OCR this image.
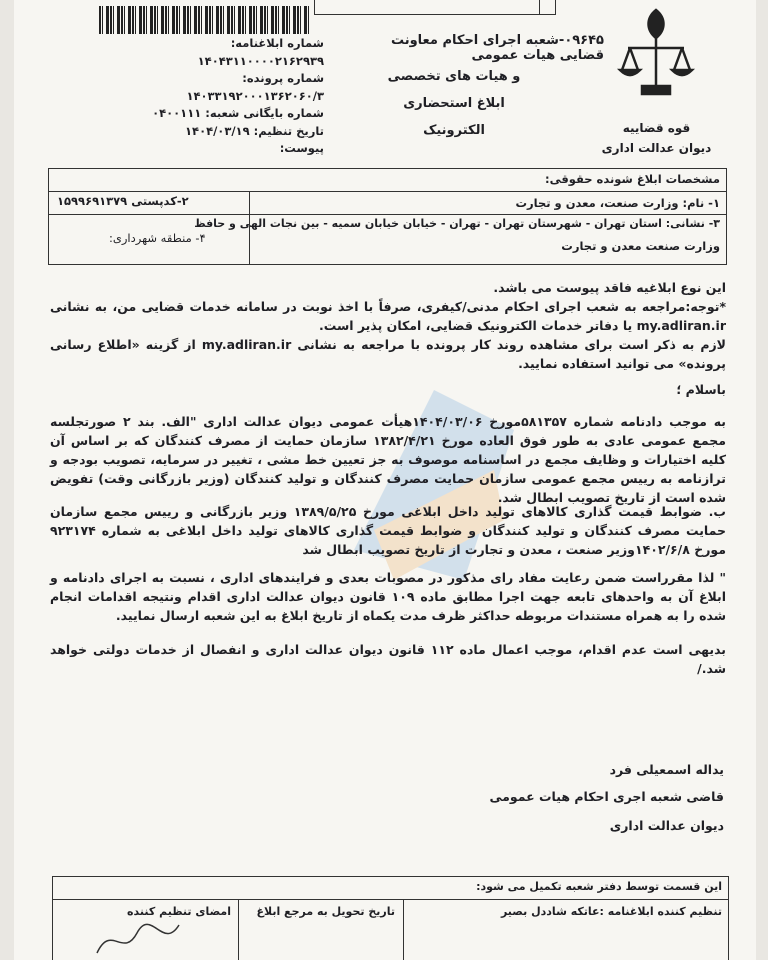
شماره ابلاغنامه: ۱۴۰۴۳۱۱۰۰۰۰۲۱۶۲۹۳۹
شماره پرونده: ۱۴۰۳۳۱۹۲۰۰۰۱۳۶۲۰۶۰/۳
شماره بایگانی شعبه: ۰۴۰۰۱۱۱
تاریخ تنظیم: ۱۴۰۴/۰۳/۱۹
پیوست:
۰۹۶۴۵-شعبه اجرای احکام معاونت قضایی هیات عمومی
و هیات های تخصصی
ابلاغ استحضاری
الکترونیک	قوه قضاییه
دیوان عدالت اداری
مشخصات ابلاغ شونده حقوقی:
۱- نام: وزارت صنعت، معدن و تجارت
۲-کدپستی ۱۵۹۹۶۹۱۳۷۹
۳- نشانی: استان تهران - شهرستان تهران - تهران - خیابان خیابان سمیه - بین نجات الهی و حافظ
وزارت صنعت معدن و تجارت
۴- منطقه شهرداری:
این نوع ابلاغیه فاقد پیوست می باشد.
*توجه:مراجعه به شعب اجرای احکام مدنی/کیفری، صرفاً با اخذ نوبت در سامانه خدمات قضایی من، به نشانی my.adliran.ir یا دفاتر خدمات الکترونیک قضایی، امکان پذیر است.
لازم به ذکر است برای مشاهده روند کار پرونده با مراجعه به نشانی my.adliran.ir از گزینه «اطلاع رسانی پرونده» می توانید استفاده نمایید.
باسلام ؛
به موجب دادنامه شماره ۵۸۱۳۵۷مورخ ۱۴۰۴/۰۳/۰۶هیأت عمومی دیوان عدالت اداری "الف. بند ۲ صورتجلسه مجمع عمومی عادی به طور فوق العاده مورخ ۱۳۸۲/۴/۲۱ سازمان حمایت از مصرف کنندگان که بر اساس آن کلیه اختیارات و وظایف مجمع در اساسنامه موصوف به جز تعیین خط مشی ، تغییر در سرمایه، تصویب بودجه و ترازنامه به رییس مجمع عمومی سازمان حمایت مصرف کنندگان و تولید کنندگان (وزیر بازرگانی وقت) تفویض شده است از تاریخ تصویب ابطال شد.
ب. ضوابط قیمت گذاری کالاهای تولید داخل ابلاغی مورخ ۱۳۸۹/۵/۲۵ وزیر بازرگانی و رییس مجمع سازمان حمایت مصرف کنندگان و تولید کنندگان و ضوابط قیمت گذاری کالاهای تولید داخل ابلاغی به شماره ۹۲۳۱۷۴ مورخ ۱۴۰۲/۶/۸وزیر صنعت ، معدن و تجارت از تاریخ تصویب ابطال شد
" لذا مقرراست ضمن رعایت مفاد رای مذکور در مصوبات بعدی و فرایندهای اداری ، نسبت به اجرای دادنامه و ابلاغ آن به واحدهای تابعه جهت اجرا مطابق ماده ۱۰۹ قانون دیوان عدالت اداری اقدام ونتیجه اقدامات انجام شده را به همراه مستندات مربوطه حداکثر ظرف مدت یکماه از تاریخ ابلاغ به این شعبه ارسال نمایید.
بدیهی است عدم اقدام، موجب اعمال ماده ۱۱۲ قانون دیوان عدالت اداری و انفصال از خدمات دولتی خواهد شد./
یداله اسمعیلی فرد
قاضی شعبه اجری احکام هیات عمومی
دیوان عدالت اداری
این قسمت توسط دفتر شعبه تکمیل می شود:
تنظیم کننده ابلاغنامه :عاتکه شاددل بصیر
تاریخ تحویل به مرجع ابلاغ
امضای تنظیم کننده
